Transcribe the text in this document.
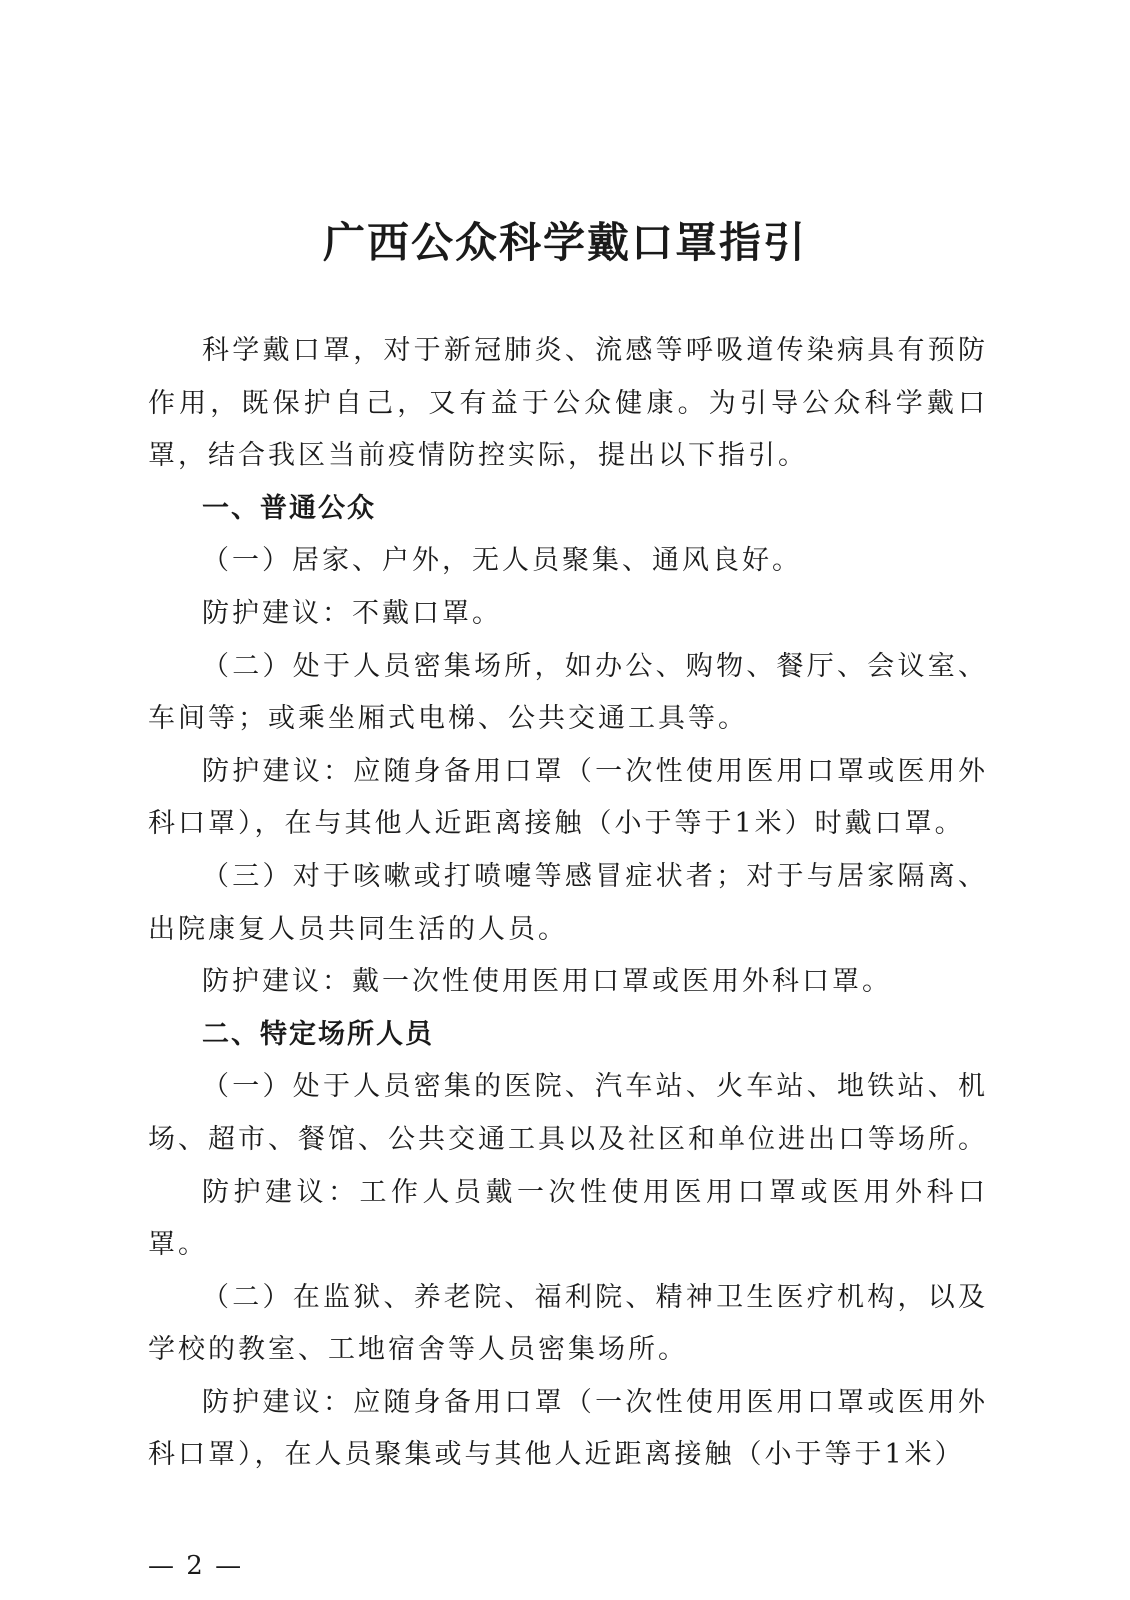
广西公众科学戴口罩指引

科学戴口罩，对于新冠肺炎、流感等呼吸道传染病具有预防作用，既保护自己，又有益于公众健康。为引导公众科学戴口罩，结合我区当前疫情防控实际，提出以下指引。

一、普通公众

（一）居家、户外，无人员聚集、通风良好。

防护建议：不戴口罩。

（二）处于人员密集场所，如办公、购物、餐厅、会议室、车间等；或乘坐厢式电梯、公共交通工具等。

防护建议：应随身备用口罩（一次性使用医用口罩或医用外科口罩），在与其他人近距离接触（小于等于1米）时戴口罩。

（三）对于咳嗽或打喷嚏等感冒症状者；对于与居家隔离、出院康复人员共同生活的人员。

防护建议：戴一次性使用医用口罩或医用外科口罩。

二、特定场所人员

（一）处于人员密集的医院、汽车站、火车站、地铁站、机场、超市、餐馆、公共交通工具以及社区和单位进出口等场所。

防护建议：工作人员戴一次性使用医用口罩或医用外科口罩。

（二）在监狱、养老院、福利院、精神卫生医疗机构，以及学校的教室、工地宿舍等人员密集场所。

防护建议：应随身备用口罩（一次性使用医用口罩或医用外科口罩），在人员聚集或与其他人近距离接触（小于等于1米）

— 2 —
